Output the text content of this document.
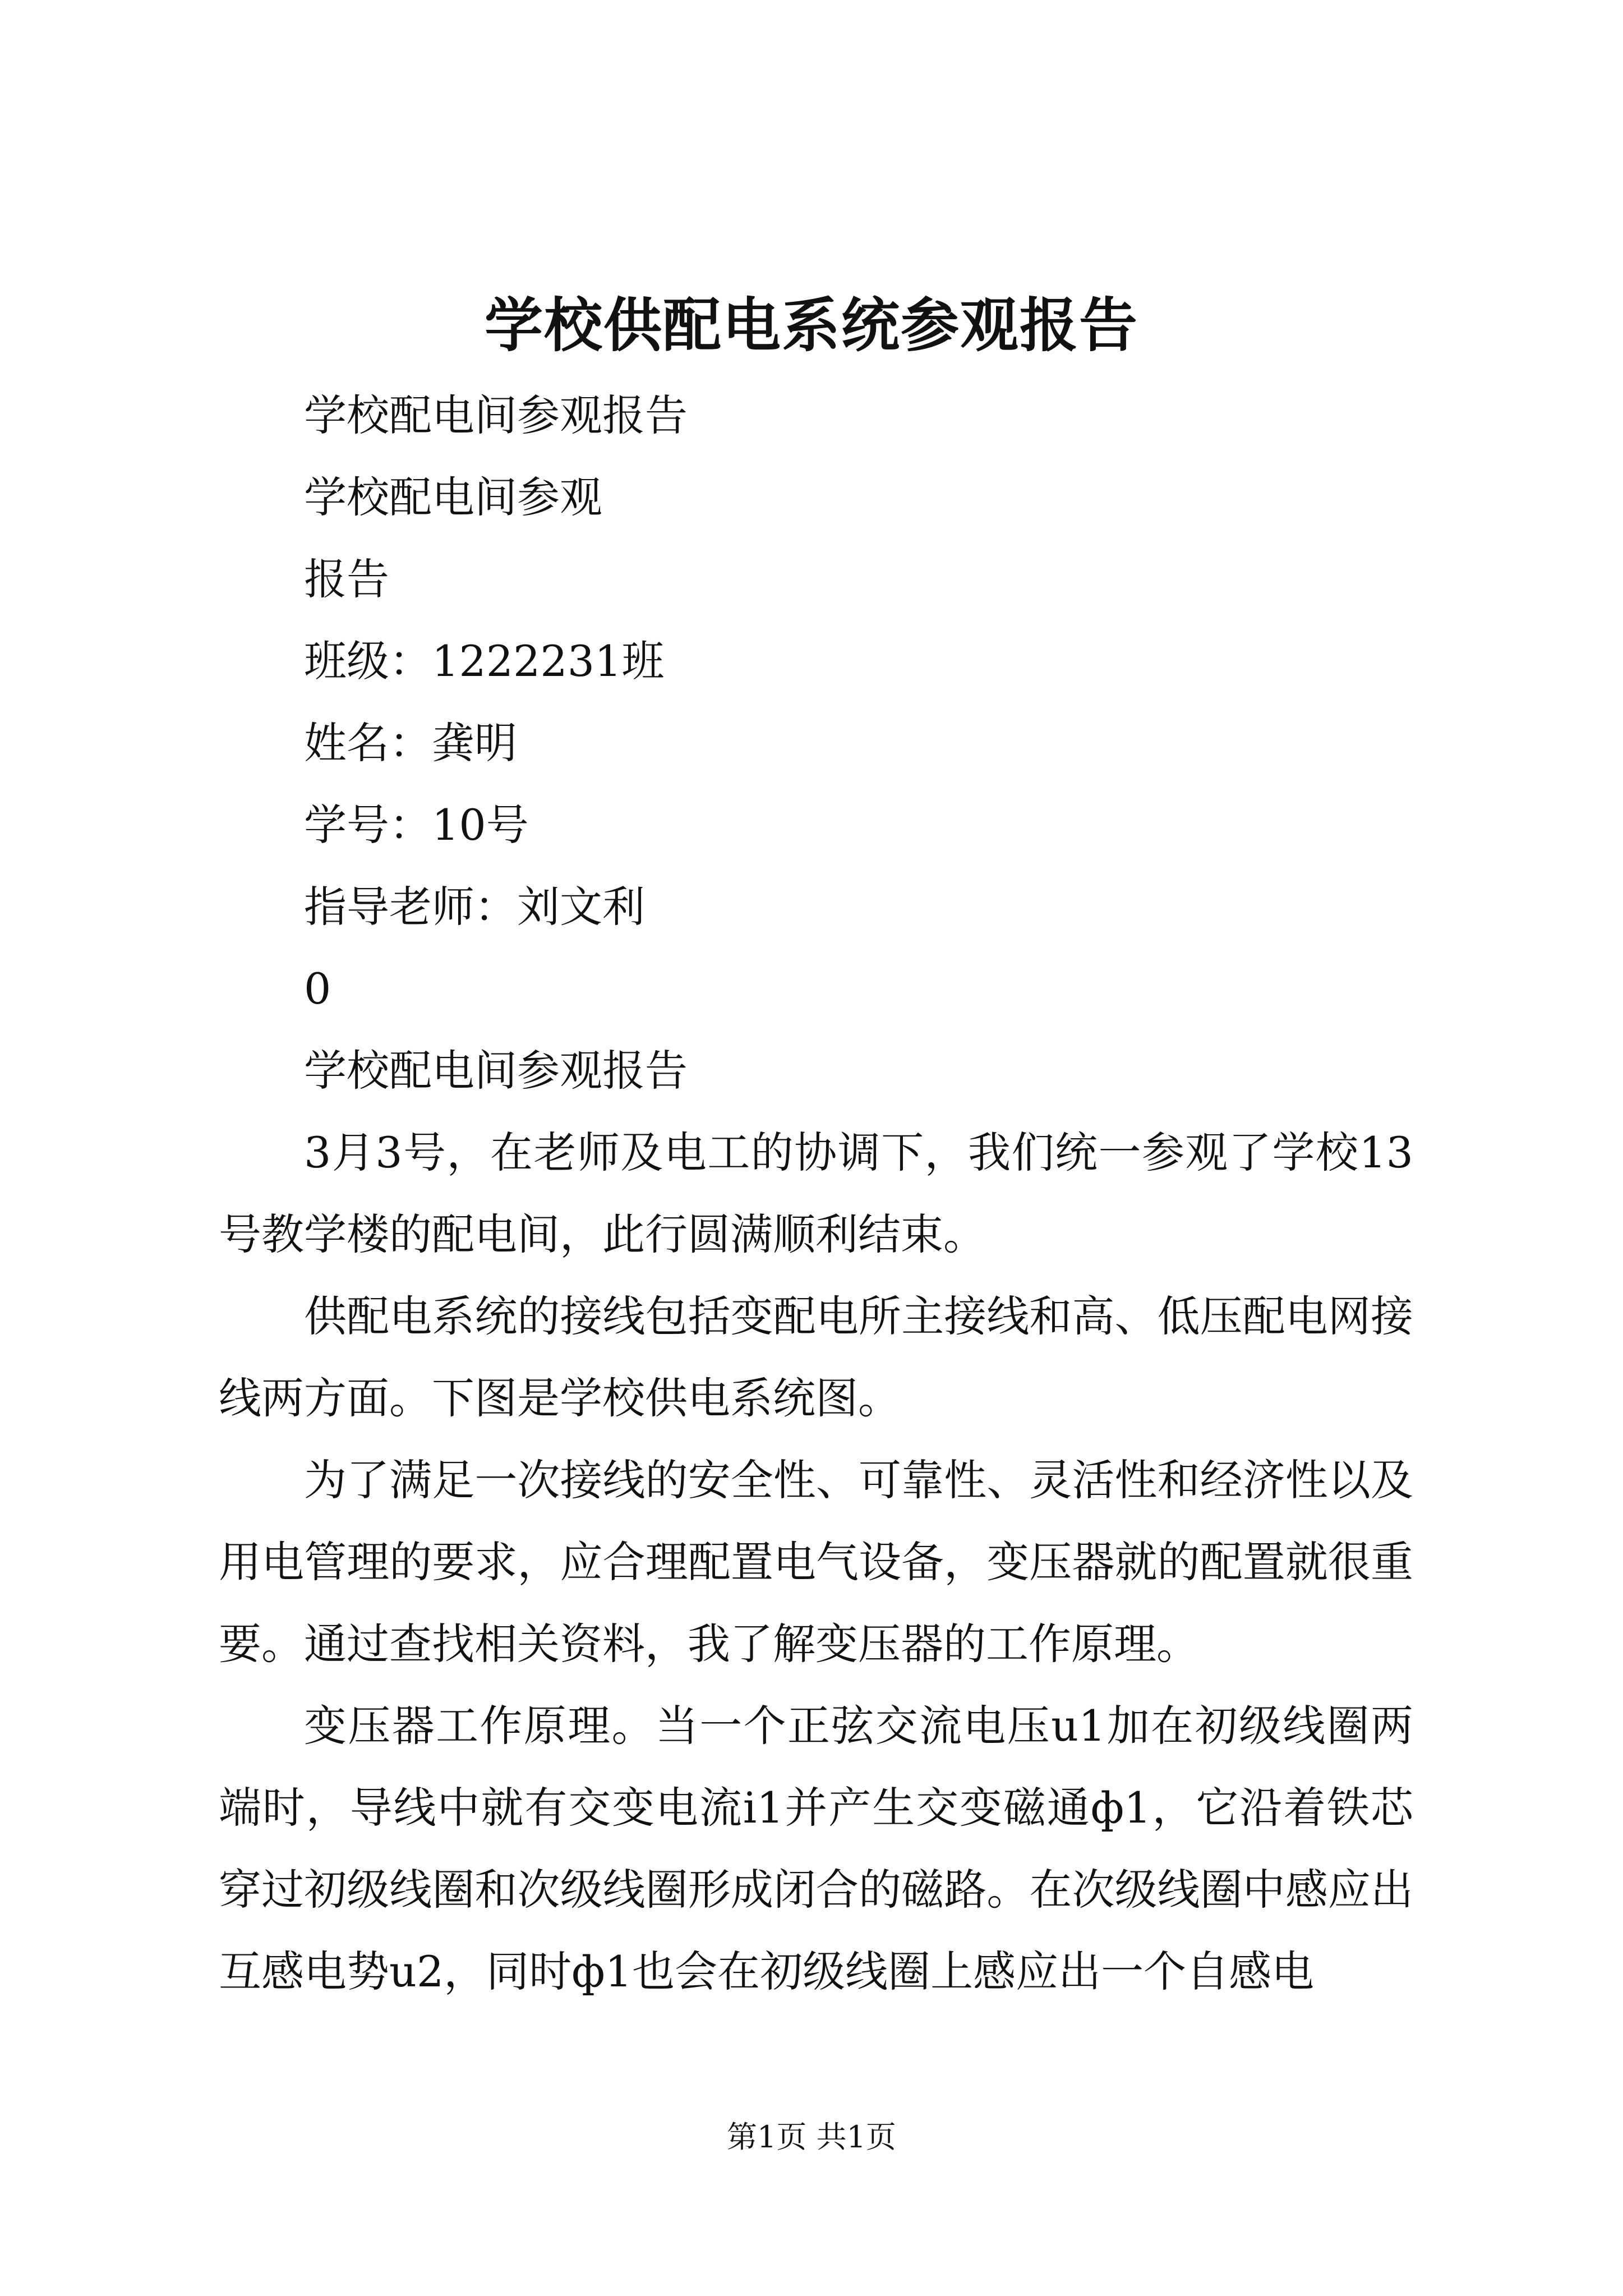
学校供配电系统参观报告
学校配电间参观报告
学校配电间参观
报告
班级：1222231班
姓名：龚明
学号：10号
指导老师：刘文利
0
学校配电间参观报告

3月3号，在老师及电工的协调下，我们统一参观了学校13号教学楼的配电间，此行圆满顺利结束。

供配电系统的接线包括变配电所主接线和高、低压配电网接线两方面。下图是学校供电系统图。

为了满足一次接线的安全性、可靠性、灵活性和经济性以及用电管理的要求，应合理配置电气设备，变压器就的配置就很重要。通过查找相关资料，我了解变压器的工作原理。

变压器工作原理。当一个正弦交流电压u1加在初级线圈两端时，导线中就有交变电流i1并产生交变磁通ф1，它沿着铁芯穿过初级线圈和次级线圈形成闭合的磁路。在次级线圈中感应出互感电势u2，同时ф1也会在初级线圈上感应出一个自感电

第1页 共1页
